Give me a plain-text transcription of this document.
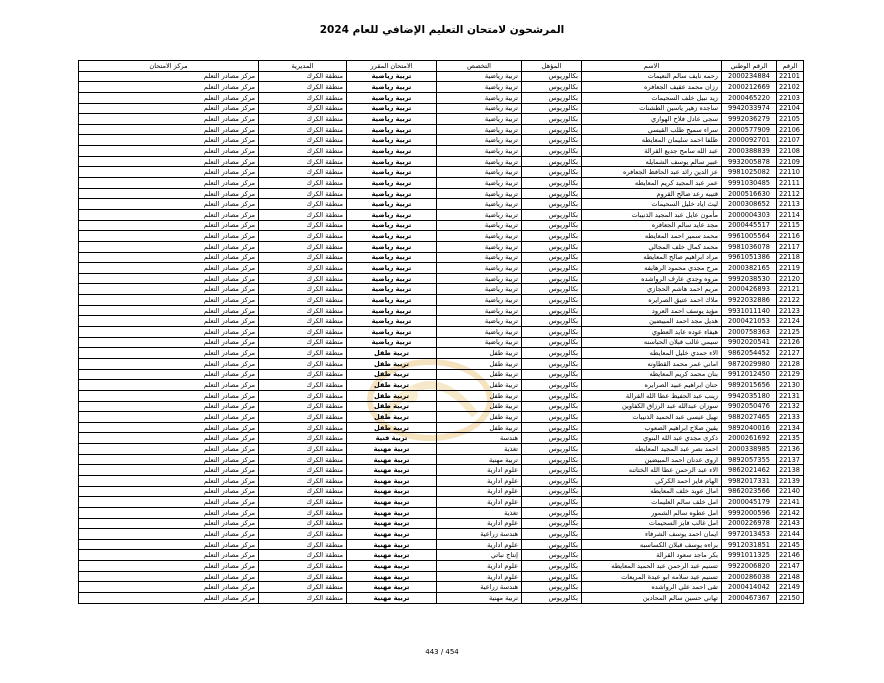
المرشحون لامتحان التعليم الإضافي للعام 2024
الرقم	الرقم الوطني	الاسم	المؤهل	التخصص	الامتحان المقرر	المديرية	مركز الامتحان
22101	2000234884	رحمه نايف سالم النعيمات	بكالوريوس	تربية رياضية	تربية رياضية	منطقة الكرك	مركز مصادر التعلم
22102	2000212669	رزان محمد عقيف الجعافره	بكالوريوس	تربية رياضية	تربية رياضية	منطقة الكرك	مركز مصادر التعلم
22103	2000465220	زيد نبيل خلف السحيمات	بكالوريوس	تربية رياضية	تربية رياضية	منطقة الكرك	مركز مصادر التعلم
22104	9942033974	ساجده زهير ياسين الطشنات	بكالوريوس	تربية رياضية	تربية رياضية	منطقة الكرك	مركز مصادر التعلم
22105	9992036279	سجى عادل فلاح الهواري	بكالوريوس	تربية رياضية	تربية رياضية	منطقة الكرك	مركز مصادر التعلم
22106	2000577909	سراء سميح طلب القيسي	بكالوريوس	تربية رياضية	تربية رياضية	منطقة الكرك	مركز مصادر التعلم
22107	2000092701	ظلفا احمد سليمان المعايطه	بكالوريوس	تربية رياضية	تربية رياضية	منطقة الكرك	مركز مصادر التعلم
22108	2000388839	عبد الله سامح جديع القرالة	بكالوريوس	تربية رياضية	تربية رياضية	منطقة الكرك	مركز مصادر التعلم
22109	9932005878	عبير سالم يوسف الشمايله	بكالوريوس	تربية رياضية	تربية رياضية	منطقة الكرك	مركز مصادر التعلم
22110	9981025082	عز الدين رائد عبد الحافظ الجعافره	بكالوريوس	تربية رياضية	تربية رياضية	منطقة الكرك	مركز مصادر التعلم
22111	9991030485	عمر عبد المجيد كريم المعايطه	بكالوريوس	تربية رياضية	تربية رياضية	منطقة الكرك	مركز مصادر التعلم
22112	2000516630	قتيبه رعد صالح القروم	بكالوريوس	تربية رياضية	تربية رياضية	منطقة الكرك	مركز مصادر التعلم
22113	2000308652	ليث اياد خليل السحيمات	بكالوريوس	تربية رياضية	تربية رياضية	منطقة الكرك	مركز مصادر التعلم
22114	2000004303	مأمون عايل عبد المجيد الذنيبات	بكالوريوس	تربية رياضية	تربية رياضية	منطقة الكرك	مركز مصادر التعلم
22115	2000445517	مجد عايد سالم الجعافره	بكالوريوس	تربية رياضية	تربية رياضية	منطقة الكرك	مركز مصادر التعلم
22116	9961005564	محمد سمير احمد المعايطه	بكالوريوس	تربية رياضية	تربية رياضية	منطقة الكرك	مركز مصادر التعلم
22117	9981036078	محمد كمال خلف المجالي	بكالوريوس	تربية رياضية	تربية رياضية	منطقة الكرك	مركز مصادر التعلم
22118	9961051386	مراد ابراهيم صالح المعايطه	بكالوريوس	تربية رياضية	تربية رياضية	منطقة الكرك	مركز مصادر التعلم
22119	2000382165	مرح مجدي محمود الرهايفه	بكالوريوس	تربية رياضية	تربية رياضية	منطقة الكرك	مركز مصادر التعلم
22120	9992038530	مروه وجدي عارف الرواشده	بكالوريوس	تربية رياضية	تربية رياضية	منطقة الكرك	مركز مصادر التعلم
22121	2000426893	مريم احمد هاشم الحجازي	بكالوريوس	تربية رياضية	تربية رياضية	منطقة الكرك	مركز مصادر التعلم
22122	9922032886	ملاك احمد عتيق الصرايره	بكالوريوس	تربية رياضية	تربية رياضية	منطقة الكرك	مركز مصادر التعلم
22123	9931011140	مؤيد يوسف احمد العرود	بكالوريوس	تربية رياضية	تربية رياضية	منطقة الكرك	مركز مصادر التعلم
22124	2000421053	هديل مجد احمد المبيضين	بكالوريوس	تربية رياضية	تربية رياضية	منطقة الكرك	مركز مصادر التعلم
22125	2000758363	هيفاء عوده عايد العطوي	بكالوريوس	تربية رياضية	تربية رياضية	منطقة الكرك	مركز مصادر التعلم
22126	9902020541	سيمي غالب قبلان الحباسنه	بكالوريوس	تربية رياضية	تربية رياضية	منطقة الكرك	مركز مصادر التعلم
22127	9862054452	الاء حمدي خليل المعايطه	بكالوريوس	تربية طفل	تربية طفل	منطقة الكرك	مركز مصادر التعلم
22128	9872029980	اماني عمر محمد القطاونه	بكالوريوس	تربية طفل	تربية طفل	منطقة الكرك	مركز مصادر التعلم
22129	9912012450	بنان محمد كريم المعايطه	بكالوريوس	تربية طفل	تربية طفل	منطقة الكرك	مركز مصادر التعلم
22130	9892015656	حنان ابراهيم عبيد الصرايره	بكالوريوس	تربية طفل	تربية طفل	منطقة الكرك	مركز مصادر التعلم
22131	9942035180	زينب عبد الحفيظ عطا الله القرالة	بكالوريوس	تربية طفل	تربية طفل	منطقة الكرك	مركز مصادر التعلم
22132	9902050476	سوزان عبدالله عبد الرزاق الكفاوين	بكالوريوس	تربية طفل	تربية طفل	منطقة الكرك	مركز مصادر التعلم
22133	9882027465	نهيل عيسى عبد الحميد الذنيبات	بكالوريوس	تربية طفل	تربية طفل	منطقة الكرك	مركز مصادر التعلم
22134	9892040016	يقين صلاح ابراهيم الصعوب	بكالوريوس	تربية طفل	تربية طفل	منطقة الكرك	مركز مصادر التعلم
22135	2000261692	ذكرى مجدي عبد الله البنوي	بكالوريوس	هندسة	تربية فنية	منطقة الكرك	مركز مصادر التعلم
22136	2000338985	احمد نصر عبد المجيد المعايطه	بكالوريوس	تغذية	تربية مهنية	منطقة الكرك	مركز مصادر التعلم
22137	9892057355	اروى عدنان احمد المبيضين	بكالوريوس	تربية مهنية	تربية مهنية	منطقة الكرك	مركز مصادر التعلم
22138	9862021462	الاء عبد الرحمن عطا الله الختاتنه	بكالوريوس	علوم ادارية	تربية مهنية	منطقة الكرك	مركز مصادر التعلم
22139	9982017331	الهام فايز احمد الكركي	بكالوريوس	علوم ادارية	تربية مهنية	منطقة الكرك	مركز مصادر التعلم
22140	9862023566	امال عويد خلف المعايطه	بكالوريوس	علوم ادارية	تربية مهنية	منطقة الكرك	مركز مصادر التعلم
22141	2000045179	امل خلف سالم العليمات	بكالوريوس	علوم ادارية	تربية مهنية	منطقة الكرك	مركز مصادر التعلم
22142	9992000596	امل عطوه سالم الشمور	بكالوريوس	تغذية	تربية مهنية	منطقة الكرك	مركز مصادر التعلم
22143	2000226978	امل غالب فايز السحيمات	بكالوريوس	علوم ادارية	تربية مهنية	منطقة الكرك	مركز مصادر التعلم
22144	9972013453	ايمان احمد يوسف الشرفاء	بكالوريوس	هندسة زراعية	تربية مهنية	منطقة الكرك	مركز مصادر التعلم
22145	9912031851	براءه يوسف قبلان الكساسبه	بكالوريوس	علوم ادارية	تربية مهنية	منطقة الكرك	مركز مصادر التعلم
22146	9991011325	بكر ماجد سعود القرالة	بكالوريوس	إنتاج نباتي	تربية مهنية	منطقة الكرك	مركز مصادر التعلم
22147	9922006820	تسنيم عبد الرحمن عبد الحميد المعايطه	بكالوريوس	علوم ادارية	تربية مهنية	منطقة الكرك	مركز مصادر التعلم
22148	2000286038	تسنيم عيد سلامه ابو عيدة المريعات	بكالوريوس	علوم ادارية	تربية مهنية	منطقة الكرك	مركز مصادر التعلم
22149	2000414042	تقى احمد علي الرواشده	بكالوريوس	هندسة زراعية	تربية مهنية	منطقة الكرك	مركز مصادر التعلم
22150	2000467367	تهاني حسين سالم المحادين	بكالوريوس	تربية مهنية	تربية مهنية	منطقة الكرك	مركز مصادر التعلم
443 / 454
